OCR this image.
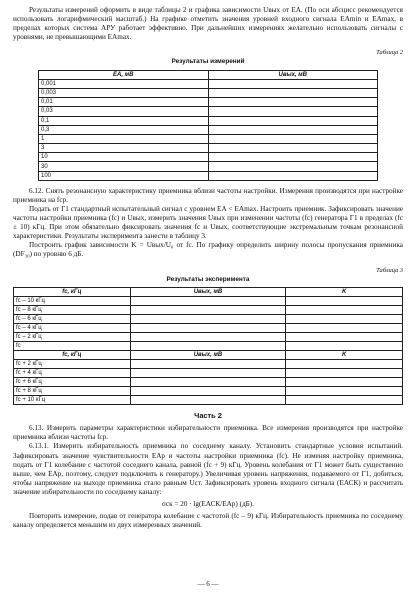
Результаты измерений оформить в виде таблицы 2 и графика зависимости Uвых от EА. (По оси абсцисс рекомендуется использовать логарифмический масштаб.) На графике отметить значения уровней входного сигнала EАmin и EАmax, в пределах которых система АРУ работает эффективно. При дальнейших измерениях желательно использовать сигналы с уровнями, не превышающими EАmax.

Таблица 2
Результаты измерений
EА, мВ	Uвых, мВ
0,001	
0,003	
0,01	
0,03	
0,1	
0,3	
1	
3	
10	
30	
100	

6.12. Снять резонансную характеристику приемника вблизи частоты настройки. Измерения производятся при настройке приемника на fср.

Подать от Г1 стандартный испытательный сигнал с уровнем EА < EАmax. Настроить приемник. Зафиксировать значение частоты настройки приемника (fс) и Uвых, измерить значения Uвых при изменении частоты (fс) генератора Г1 в пределах (fс ± 10) кГц. При этом обязательно фиксировать значения fс и Uвых, соответствующие экстремальным точкам резонансной характеристики. Результаты эксперимента занести в таблицу 3.

Построить график зависимости K = Uвых/U₀ от fс. По графику определить ширину полосы пропускания приемника (DF₃₀) по уровню 6 дБ.

Таблица 3
Результаты эксперимента
fс, кГц	Uвых, мВ	K
fс – 10 кГц		
fс – 8 кГц		
fс – 6 кГц		
fс – 4 кГц		
fс – 2 кГц		
fс		
fс, кГц	Uвых, мВ	K
fс + 2 кГц		
fс + 4 кГц		
fс + 6 кГц		
fс + 8 кГц		
fс + 10 кГц		
Часть 2

6.13. Измерить параметры характеристики избирательности приемника. Все измерения производятся при настройке приемника вблизи частоты fср.

6.13.1. Измерить избирательность приемника по соседнему каналу. Установить стандартные условия испытаний. Зафиксировать значение чувствительности EАр и частоты настройки приемника (fс). Не изменяя настройку приемника, подать от Г1 колебание с частотой соседнего канала, равной (fс + 9) кГц. Уровень колебания от Г1 может быть существенно выше, чем EАр, поэтому, следует подключить к генератору.) Увеличивая уровень напряжения, подаваемого от Г1, добиться, чтобы напряжение на выходе приемника стало равным Uст. Зафиксировать уровень входного сигнала (EАСК) и рассчитать значение избирательности по соседнему каналу:

σск = 20 · lg(EАСК/EАр) (дБ).

Повторить измерение, подав от генератора колебание с частотой (fс – 9) кГц. Избирательность приемника по соседнему каналу определяется меньшим из двух измеренных значений.

— 6 —
